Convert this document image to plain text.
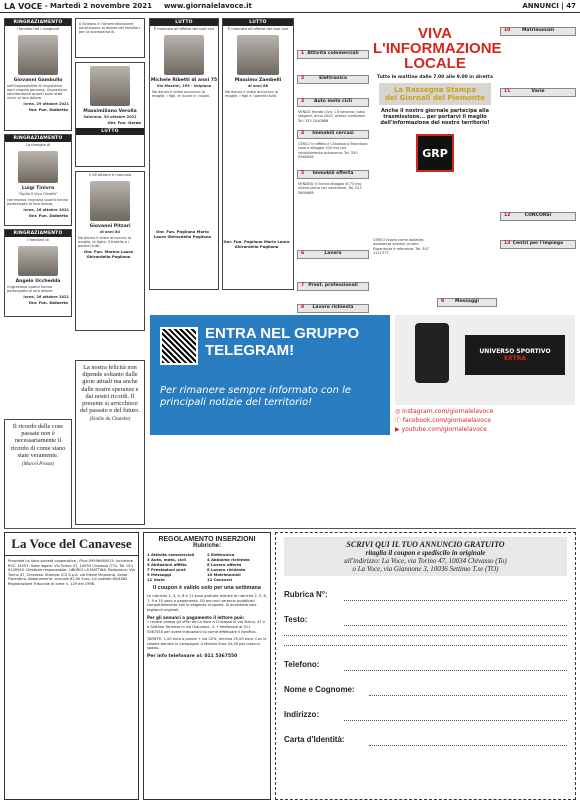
LA VOCE
- Martedì 2 novembre 2021 www.giornalelavoce.it	ANNUNCI
| 47
RINGRAZIAMENTO
I familiari ed i congiunti
Giovanni Gambullo
nell'impossibilità di ringraziare ogni singola persona, ringraziano sentitamente quanti sono stati vicini al loro dolore.
Ivrea, 29 ottobre 2021
Onr. Fun. Dolberto
RINGRAZIAMENTO
La famiglia di
Luigi Tinivra
"Sgilla Il Vivo Olivetti"
commossa ringrazia quanti hanno partecipato al loro dolore.
Ivrea, 26 ottobre 2021
Onr. Fun. Dolberto
RINGRAZIAMENTO
I familiari di
Angelo Ucchedda
ringraziano quanti hanno partecipato al loro dolore.
Ivrea, 26 ottobre 2021
Onr. Fun. Dolberto
Il ricordo delle cose passate non è necessariamente il ricordo di come siano state veramente.
(Marcel Proust)
Il Sindaco e l'Amministrazione partecipano al dolore dei familiari per la scomparsa di
Massimiliano Verolla
Salerano, 30 ottobre 2021
Onr. Fun. Garda
LUTTO
Il 26 ottobre è mancato
Giovanni Pitzari
di anni 84
Ne danno il triste annuncio la moglie, le figlie, il fratello e i parenti tutti.
Onr. Fun. Morino Lauro Ghirardello Pogliano
La nostra felicità non dipende soltanto dalle gioie attuali ma anche dalle nostre speranze e dai nostri ricordi. Il presente si arricchisce del passato e del futuro.
(Emilie du Chatelet)
LUTTO
È mancata all'affetto dei suoi cari
Michele Ribetti di anni 75
Via Mazzini, 199 - Volpiano
Ne danno il triste annuncio la moglie, i figli, le nuore e i nipoti.
Onr. Fun. Pogliano Mario Lauro Ghirardello Pogliano
LUTTO
È mancata all'affetto dei suoi cari
Massimo Zambelli
di anni 88
Ne danno il triste annuncio la moglie, i figli e i parenti tutti.
Onr. Fun. Pogliano Mario Lauro Ghirardello Pogliano
1 Attività commerciali
2	Elettronica
3 Auto moto cicli
VENDO Honda Civic 1.6 benzina, tutta stagioni, anno 2007, ottime condizioni. Tel. 333 2040888
4 Immobili cercasi
CERCO in affitto a Chivasso o Brandizzo casa o alloggio 100 mq con riscaldamento autonomo. Tel. 320 9560006
5 Immobili offerta
VENDESI in Torino alloggio di 73 mq, ultimo piano con ascensore. Tel. 011 5890668
6	Lavoro
7 Prest. professionali
8 Lavoro richiesta
VIVA L'INFORMAZIONE LOCALE
Tutte le mattine dalle 7.00 alle 9.00 in diretta
La Rassegna Stampa
dei Giornali del Piemonte
Anche il nostro giornale partecipa alla trasmissione... per portarvi il meglio dell'informazione del nostro territorio!
GRP
CERCO lavoro come badante, assistenza anziani, pulizie. Esperienza e referenze. Tel. 347 1111373
9 Messaggi
10	Matrimoniali
11	Varie
12	CONCORSI
13 Centri per l'impiego
ENTRA NEL GRUPPO TELEGRAM!
Per rimanere sempre informato con le principali notizie del territorio!
UNIVERSO SPORTIVO
EXTRA
◎ instagram.com/giornalelavoce
ⓕ facebook.com/giornalelavoce
▶ youtube.com/giornalelavoce
La Voce del Canavese
Proprietà La Voce società cooperativa - P.Iva 09596460015. Iscrizione ROC 14437. Sede legale: Via Torino 47, 10034 Chivasso (TO). Tel. 011 9109340. Direttore responsabile: LIBORIO LA MATTINA. Redazione: Via Torino 47, Chivasso. Stampa: ICS S.p.A. via Ettore Majorana, Sesto Fiorentino. Abbonamenti: annuale 62,00 Euro, c/c postale 60/4062. Registrazione Tribunale di Ivrea n. 129 del 1998.
REGOLAMENTO INSERZIONI
Rubriche:
1 Attività commerciali	2 Elettronica
3 Auto, moto, cicli	4 Abbiamo richiesta
5 Abitazioni affitto	6 Lavoro offerta
7 Prestazioni prof.	8 Lavoro richiesta
9 Messaggi	10 Matrimoniali
11 Varie	12 Concorsi
Il coupon è valido solo per una settimana
Le rubriche 1, 3, 4, 8 e 11 sono gratuite mentre le rubriche 2, 5, 6, 7, 9 e 10 sono a pagamento. Gli annunci saranno pubblicati compatibilmente con le esigenze di spazio. Si accettano solo tagliandi originali.
Per gli annunci a pagamento il lettore può:
• recarsi presso gli uffici de La Voce a Chivasso in via Torino, 47 o a Settimo Torinese in via Giannone, 3. • telefonare al 011 5367550 per avere indicazioni su come effettuare il bonifico.
TARIFFE: 1,00 euro a parola + iva 22%, minimo 25,00 euro. Con le caselle barrate in campagna: A Modulo Euro 20,00 per ciascun spazio.
Per info telefonare al: 011 5367550
SCRIVI QUI IL TUO ANNUNCIO GRATUITO
ritaglia il coupon e spediscilo in originale
all'indirizzo: La Voce, via Torino 47, 10034 Chivasso (To)
o La Voce, via Giannone 3, 10036 Settimo T.se (TO)
Rubrica N°:
Testo:
Telefono:
Nome e Cognome:
Indirizzo:
Carta d'Identità:
